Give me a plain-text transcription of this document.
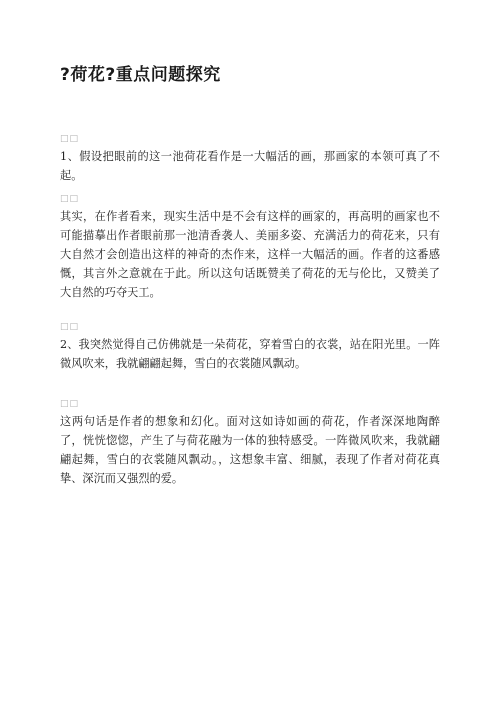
?荷花?重点问题探究
□□
1、假设把眼前的这一池荷花看作是一大幅活的画，那画家的本领可真了不起。
□□
其实，在作者看来，现实生活中是不会有这样的画家的，再高明的画家也不可能描摹出作者眼前那一池清香袭人、美丽多姿、充满活力的荷花来，只有大自然才会创造出这样的神奇的杰作来，这样一大幅活的画。作者的这番感慨，其言外之意就在于此。所以这句话既赞美了荷花的无与伦比，又赞美了大自然的巧夺天工。
□□
2、我突然觉得自己仿佛就是一朵荷花，穿着雪白的衣裳，站在阳光里。一阵微风吹来，我就翩翩起舞，雪白的衣裳随风飘动。
□□
这两句话是作者的想象和幻化。面对这如诗如画的荷花，作者深深地陶醉了，恍恍惚惚，产生了与荷花融为一体的独特感受。一阵微风吹来，我就翩翩起舞，雪白的衣裳随风飘动。，这想象丰富、细腻，表现了作者对荷花真挚、深沉而又强烈的爱。
